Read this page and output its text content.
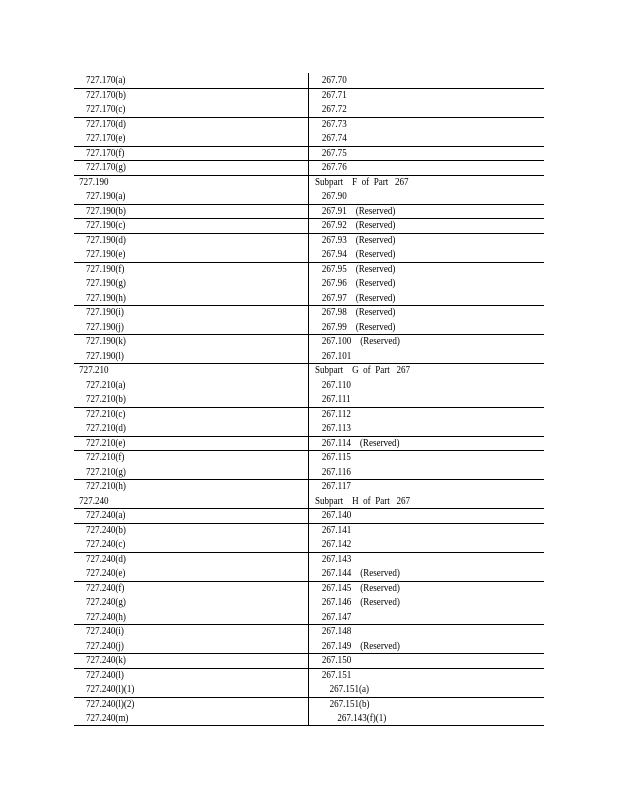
727.170(a)	267.70
727.170(b)	267.71
727.170(c)	267.72
727.170(d)	267.73
727.170(e)	267.74
727.170(f)	267.75
727.170(g)	267.76
727.190	Subpart    F  of  Part   267
727.190(a)	267.90
727.190(b)	267.91    (Reserved)
727.190(c)	267.92    (Reserved)
727.190(d)	267.93    (Reserved)
727.190(e)	267.94    (Reserved)
727.190(f)	267.95    (Reserved)
727.190(g)	267.96    (Reserved)
727.190(h)	267.97    (Reserved)
727.190(i)	267.98    (Reserved)
727.190(j)	267.99    (Reserved)
727.190(k)	267.100    (Reserved)
727.190(l)	267.101
727.210	Subpart    G  of  Part   267
727.210(a)	267.110
727.210(b)	267.111
727.210(c)	267.112
727.210(d)	267.113
727.210(e)	267.114    (Reserved)
727.210(f)	267.115
727.210(g)	267.116
727.210(h)	267.117
727.240	Subpart    H  of  Part   267
727.240(a)	267.140
727.240(b)	267.141
727.240(c)	267.142
727.240(d)	267.143
727.240(e)	267.144    (Reserved)
727.240(f)	267.145    (Reserved)
727.240(g)	267.146    (Reserved)
727.240(h)	267.147
727.240(i)	267.148
727.240(j)	267.149    (Reserved)
727.240(k)	267.150
727.240(l)	267.151
727.240(l)(1)	267.151(a)
727.240(l)(2)	267.151(b)
727.240(m)	267.143(f)(1)
